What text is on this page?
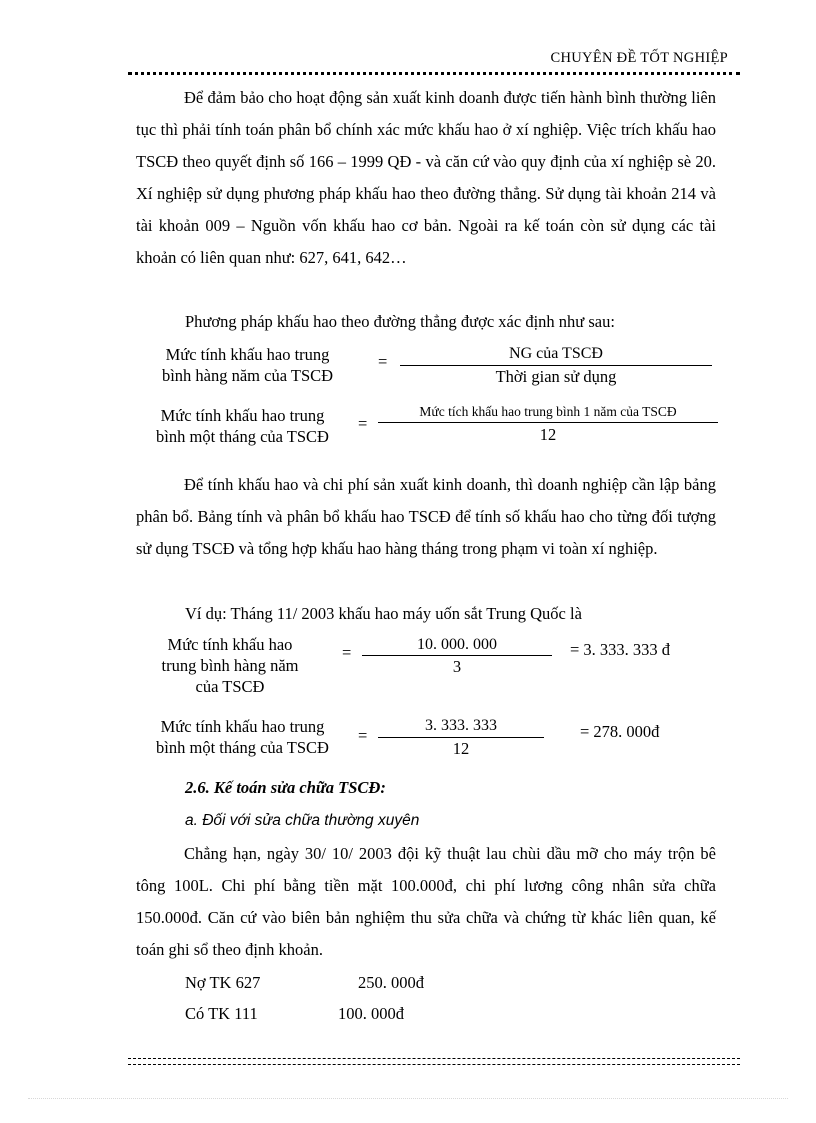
CHUYÊN ĐỀ TỐT NGHIỆP

Để đảm bảo cho hoạt động sản xuất kinh doanh được tiến hành bình thường liên tục thì phải tính toán phân bổ chính xác mức khấu hao ở xí nghiệp. Việc trích khấu hao TSCĐ theo quyết định số 166 – 1999 QĐ - và căn cứ vào quy định của xí nghiệp sè 20. Xí nghiệp sử dụng phương pháp khấu hao theo đường thẳng. Sử dụng tài khoản 214 và tài khoản 009 – Nguồn vốn khấu hao cơ bản. Ngoài ra kế toán còn sử dụng các tài khoản có liên quan như: 627, 641, 642…

Phương pháp khấu hao theo đường thẳng được xác định như sau:
Mức tính khấu hao trung
bình hàng năm của TSCĐ
=	NG của TSCĐ
Thời gian sử dụng
Mức tính khấu hao trung
bình một tháng của TSCĐ
=
Mức tích khấu hao trung bình 1 năm của TSCĐ
12

Để tính khấu hao và chi phí sản xuất kinh doanh, thì doanh nghiệp cần lập bảng phân bổ. Bảng tính và phân bổ khấu hao TSCĐ để tính số khấu hao cho từng đối tượng sử dụng TSCĐ và tổng hợp khấu hao hàng tháng trong phạm vi toàn xí nghiệp.

Ví dụ: Tháng 11/ 2003 khấu hao máy uốn sắt Trung Quốc là
Mức tính khấu hao
trung bình hàng năm
của TSCĐ
=	10. 000. 000
3
= 3. 333. 333 đ
Mức tính khấu hao trung
bình một tháng của TSCĐ
=
3. 333. 333
12
= 278. 000đ
2.6. Kế toán sửa chữa TSCĐ:
a. Đối với sửa chữa thường xuyên

Chẳng hạn, ngày 30/ 10/ 2003 đội kỹ thuật lau chùi dầu mỡ cho máy trộn bê tông 100L. Chi phí bằng tiền mặt 100.000đ, chi phí lương công nhân sửa chữa 150.000đ. Căn cứ vào biên bản nghiệm thu sửa chữa và chứng từ khác liên quan, kế toán ghi sổ theo định khoản.

Nợ TK 627	250. 000đ
Có TK 111	100. 000đ
